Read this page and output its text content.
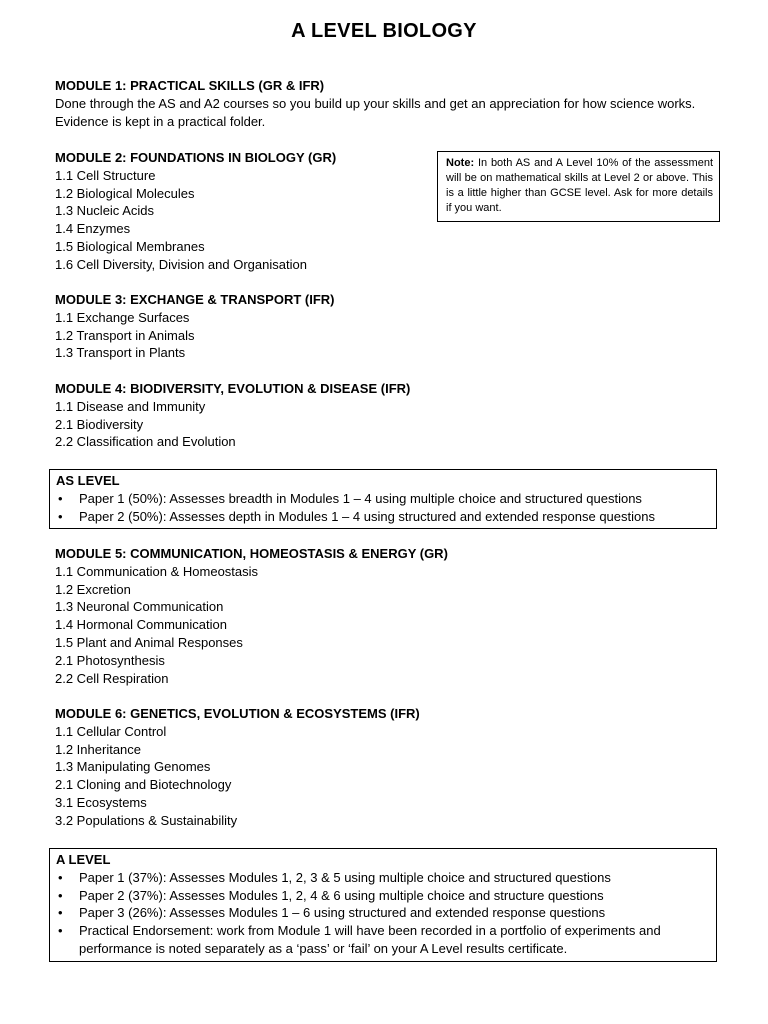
A LEVEL BIOLOGY
MODULE 1: PRACTICAL SKILLS (GR & IFR)
Done through the AS and A2 courses so you build up your skills and get an appreciation for how science works. Evidence is kept in a practical folder.
MODULE 2: FOUNDATIONS IN BIOLOGY (GR)
1.1 Cell Structure
1.2 Biological Molecules
1.3 Nucleic Acids
1.4 Enzymes
1.5 Biological Membranes
1.6 Cell Diversity, Division and Organisation
Note: In both AS and A Level 10% of the assessment will be on mathematical skills at Level 2 or above. This is a little higher than GCSE level. Ask for more details if you want.
MODULE 3: EXCHANGE & TRANSPORT (IFR)
1.1 Exchange Surfaces
1.2 Transport in Animals
1.3 Transport in Plants
MODULE 4: BIODIVERSITY, EVOLUTION & DISEASE (IFR)
1.1 Disease and Immunity
2.1 Biodiversity
2.2 Classification and Evolution
AS LEVEL
• Paper 1 (50%): Assesses breadth in Modules 1 – 4 using multiple choice and structured questions
• Paper 2 (50%): Assesses depth in Modules 1 – 4 using structured and extended response questions
MODULE 5: COMMUNICATION, HOMEOSTASIS & ENERGY (GR)
1.1 Communication & Homeostasis
1.2 Excretion
1.3 Neuronal Communication
1.4 Hormonal Communication
1.5 Plant and Animal Responses
2.1 Photosynthesis
2.2 Cell Respiration
MODULE 6: GENETICS, EVOLUTION & ECOSYSTEMS (IFR)
1.1 Cellular Control
1.2 Inheritance
1.3 Manipulating Genomes
2.1 Cloning and Biotechnology
3.1 Ecosystems
3.2 Populations & Sustainability
A LEVEL
• Paper 1 (37%): Assesses Modules 1, 2, 3 & 5 using multiple choice and structured questions
• Paper 2 (37%): Assesses Modules 1, 2, 4 & 6 using multiple choice and structure questions
• Paper 3 (26%): Assesses Modules 1 – 6 using structured and extended response questions
• Practical Endorsement: work from Module 1 will have been recorded in a portfolio of experiments and performance is noted separately as a ‘pass’ or ‘fail’ on your A Level results certificate.
